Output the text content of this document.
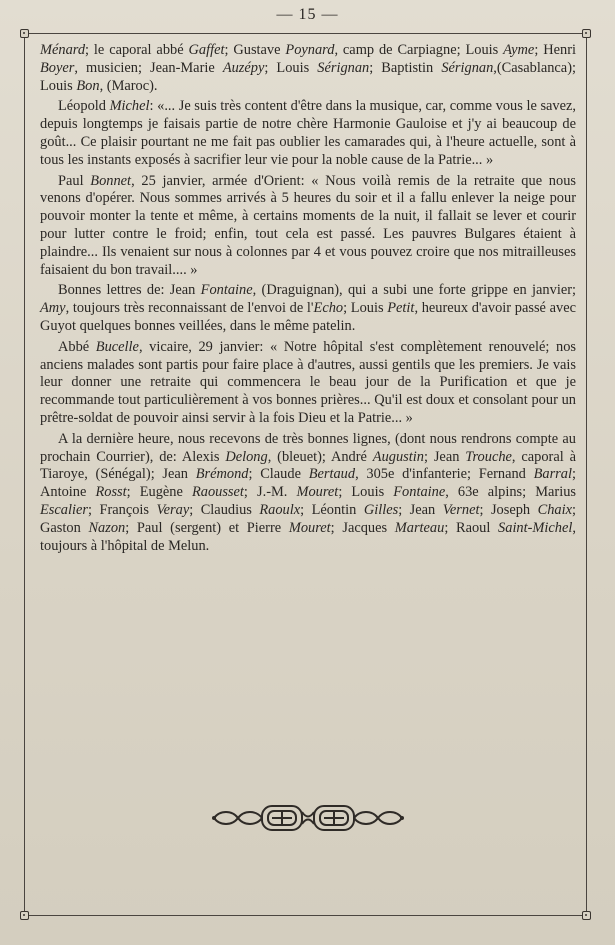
— 15 —

Ménard; le caporal abbé Gaffet; Gustave Poynard, camp de Carpiagne; Louis Ayme; Henri Boyer, musicien; Jean-Marie Auzépy; Louis Sérignan; Baptistin Sérignan,(Casablanca); Louis Bon, (Maroc).

Léopold Michel: «... Je suis très content d'être dans la musique, car, comme vous le savez, depuis longtemps je faisais partie de notre chère Harmonie Gauloise et j'y ai beaucoup de goût... Ce plaisir pourtant ne me fait pas oublier les camarades qui, à l'heure actuelle, sont à tous les instants exposés à sacrifier leur vie pour la noble cause de la Patrie... »

Paul Bonnet, 25 janvier, armée d'Orient: « Nous voilà remis de la retraite que nous venons d'opérer. Nous sommes arrivés à 5 heures du soir et il a fallu enlever la neige pour pouvoir monter la tente et même, à certains moments de la nuit, il fallait se lever et courir pour lutter contre le froid; enfin, tout cela est passé. Les pauvres Bulgares étaient à plaindre... Ils venaient sur nous à colonnes par 4 et vous pouvez croire que nos mitrailleuses faisaient du bon travail.... »

Bonnes lettres de: Jean Fontaine, (Draguignan), qui a subi une forte grippe en janvier; Amy, toujours très reconnaissant de l'envoi de l'Echo; Louis Petit, heureux d'avoir passé avec Guyot quelques bonnes veillées, dans le même patelin.

Abbé Bucelle, vicaire, 29 janvier: « Notre hôpital s'est complètement renouvelé; nos anciens malades sont partis pour faire place à d'autres, aussi gentils que les premiers. Je vais leur donner une retraite qui commencera le beau jour de la Purification et que je recommande tout particulièrement à vos bonnes prières... Qu'il est doux et consolant pour un prêtre-soldat de pouvoir ainsi servir à la fois Dieu et la Patrie... »

A la dernière heure, nous recevons de très bonnes lignes, (dont nous rendrons compte au prochain Courrier), de: Alexis Delong, (bleuet); André Augustin; Jean Trouche, caporal à Tiaroye, (Sénégal); Jean Brémond; Claude Bertaud, 305e d'infanterie; Fernand Barral; Antoine Rosst; Eugène Raousset; J.-M. Mouret; Louis Fontaine, 63e alpins; Marius Escalier; François Veray; Claudius Raoulx; Léontin Gilles; Jean Vernet; Joseph Chaix; Gaston Nazon; Paul (sergent) et Pierre Mouret; Jacques Marteau; Raoul Saint-Michel, toujours à l'hôpital de Melun.
